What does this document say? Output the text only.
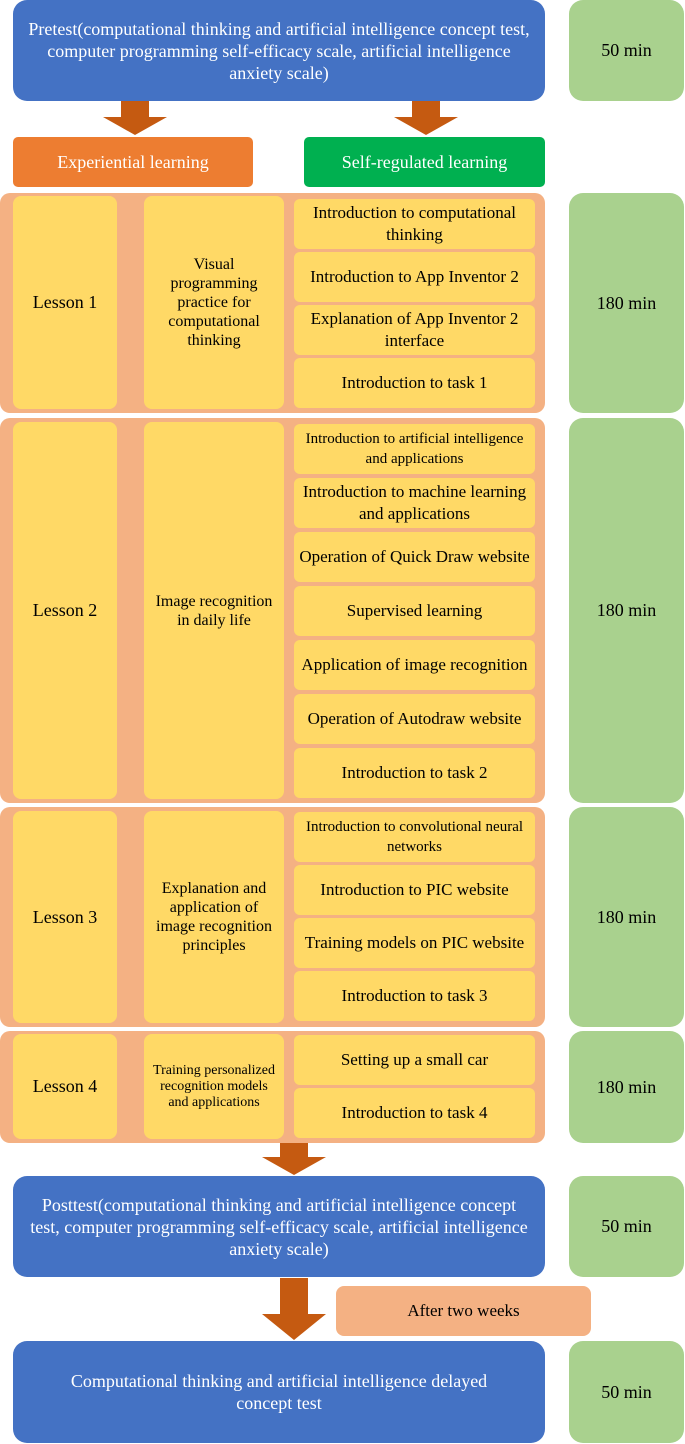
Pretest(computational thinking and artificial intelligence concept test, computer programming self-efficacy scale, artificial intelligence anxiety scale)
50 min
Experiential learning	Self-regulated learning
Lesson 1
Visual programming practice for computational thinking
Introduction to computational thinking
Introduction to App Inventor 2
Explanation of App Inventor 2 interface
Introduction to task 1
180 min
Lesson 2	Image recognition in daily life
Introduction to artificial intelligence and applications
Introduction to machine learning and applications
Operation of Quick Draw website
Supervised learning
Application of image recognition
Operation of Autodraw website
Introduction to task 2
180 min
Lesson 3
Explanation and application of image recognition principles
Introduction to convolutional neural networks
Introduction to PIC website
Training models on PIC website
Introduction to task 3
180 min
Lesson 4
Training personalized recognition models and applications
Setting up a small car
Introduction to task 4
180 min
Posttest(computational thinking and artificial intelligence concept test, computer programming self-efficacy scale, artificial intelligence anxiety scale)
50 min
After two weeks
Computational thinking and artificial intelligence delayed concept test
50 min
